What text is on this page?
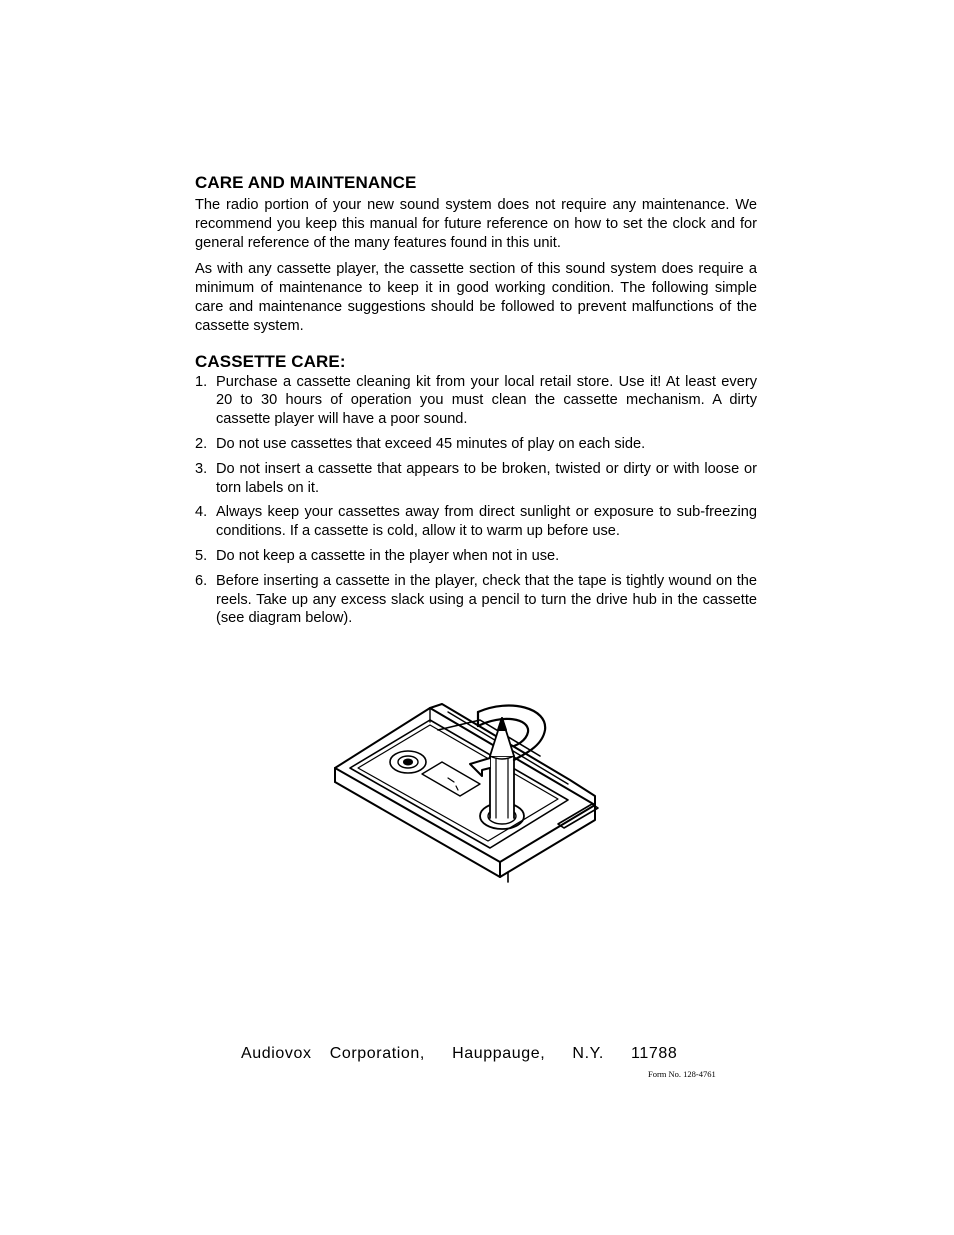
CARE AND MAINTENANCE

The radio portion of your new sound system does not require any maintenance. We recommend you keep this manual for future reference on how to set the clock and for general reference of the many features found in this unit.

As with any cassette player, the cassette section of this sound system does require a minimum of maintenance to keep it in good working condition. The following simple care and maintenance suggestions should be followed to prevent malfunctions of the cassette system.

CASSETTE CARE:
1. Purchase a cassette cleaning kit from your local retail store. Use it! At least every 20 to 30 hours of operation you must clean the cassette mechanism. A dirty cassette player will have a poor sound.
2. Do not use cassettes that exceed 45 minutes of play on each side.
3. Do not insert a cassette that appears to be broken, twisted or dirty or with loose or torn labels on it.
4. Always keep your cassettes away from direct sunlight or exposure to sub-freezing conditions. If a cassette is cold, allow it to warm up before use.
5. Do not keep a cassette in the player when not in use.
6. Before inserting a cassette in the player, check that the tape is tightly wound on the reels. Take up any excess slack using a pencil to turn the drive hub in the cassette (see diagram below).
Audiovox  Corporation,   Hauppauge,   N.Y.   11788
Form No. 128-4761
